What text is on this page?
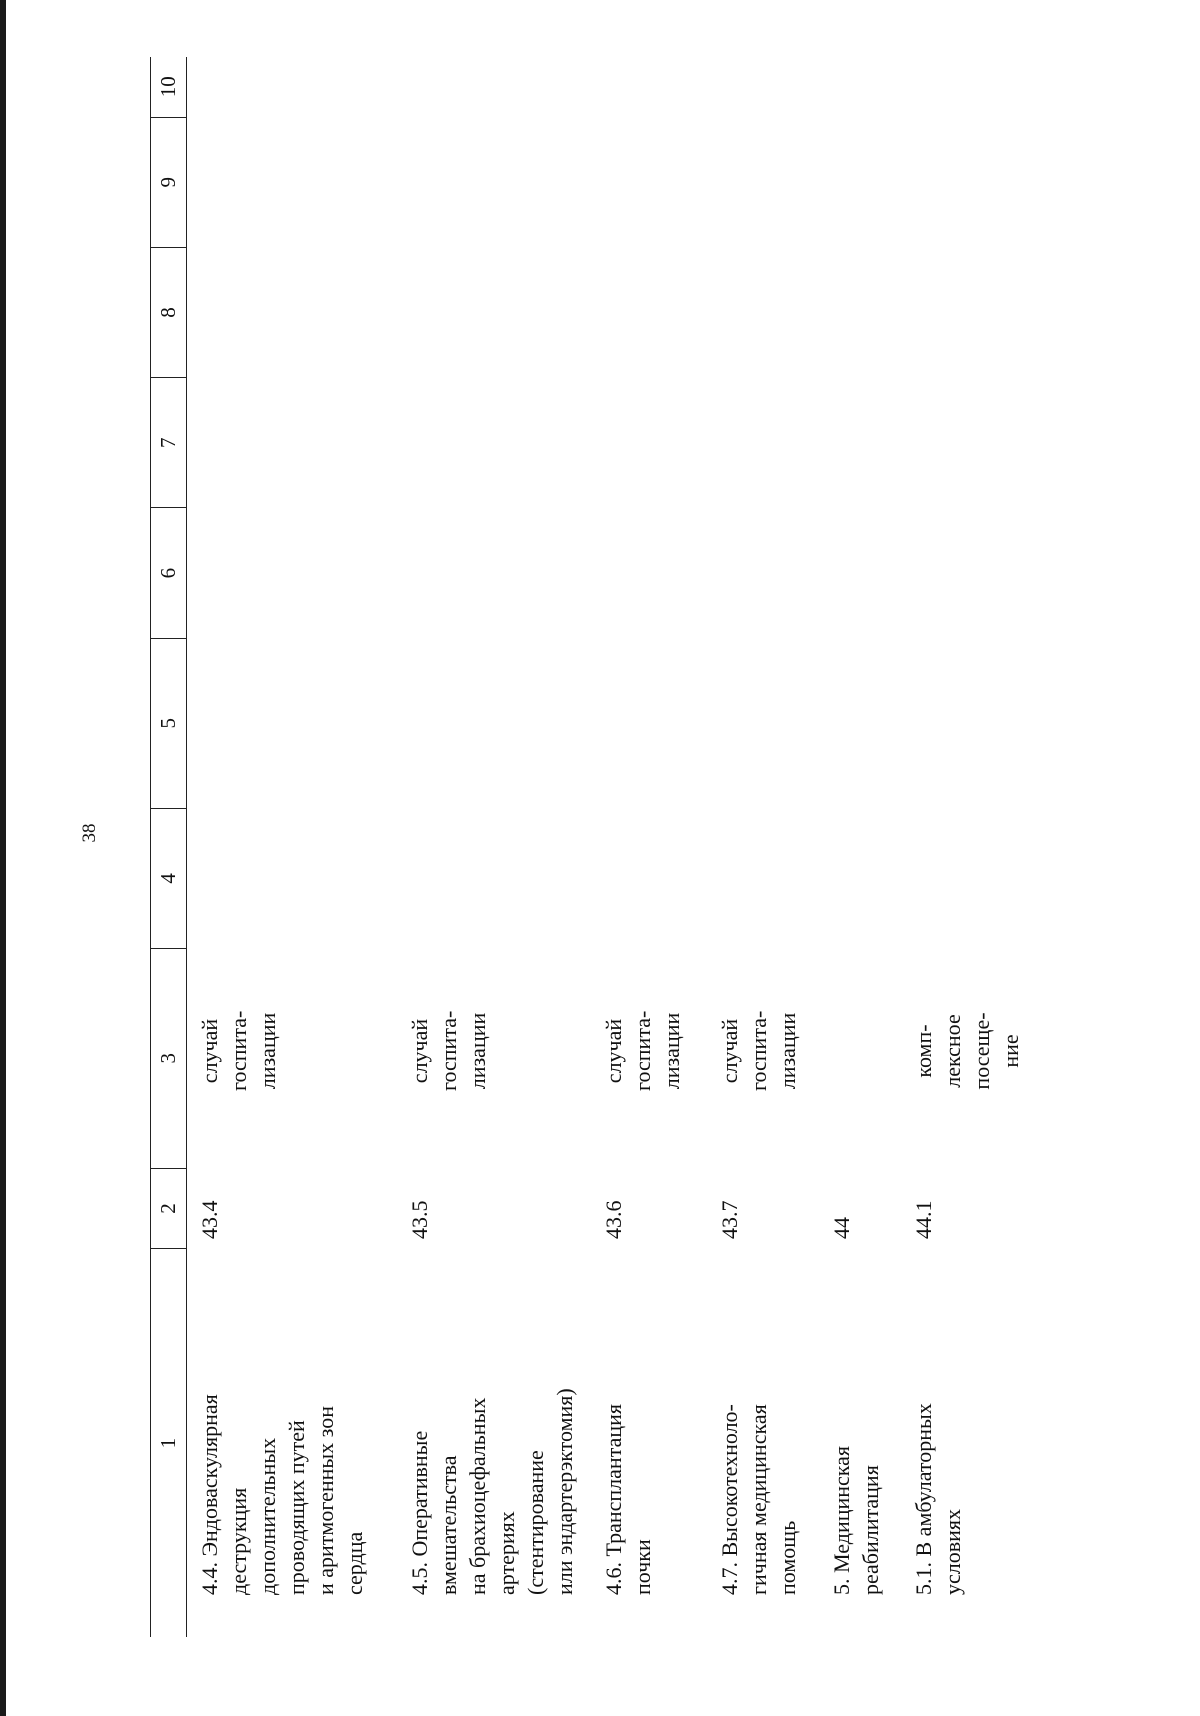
38
1
2
3
4
5
6
7
8
9
10
4.4. Эндоваскулярная деструкция дополнительных проводящих путей и аритмогенных зон сердца
43.4
случай госпита- лизации
4.5. Оперативные вмешательства на брахиоцефальных артериях (стентирование или эндартерэктомия)
43.5
случай госпита- лизации
4.6. Трансплантация почки
43.6
случай госпита- лизации
4.7. Высокотехноло- гичная медицинская помощь
43.7
случай госпита- лизации
5. Медицинская реабилитация
44
5.1. В амбулаторных условиях
44.1
комп- лексное посеще- ние
